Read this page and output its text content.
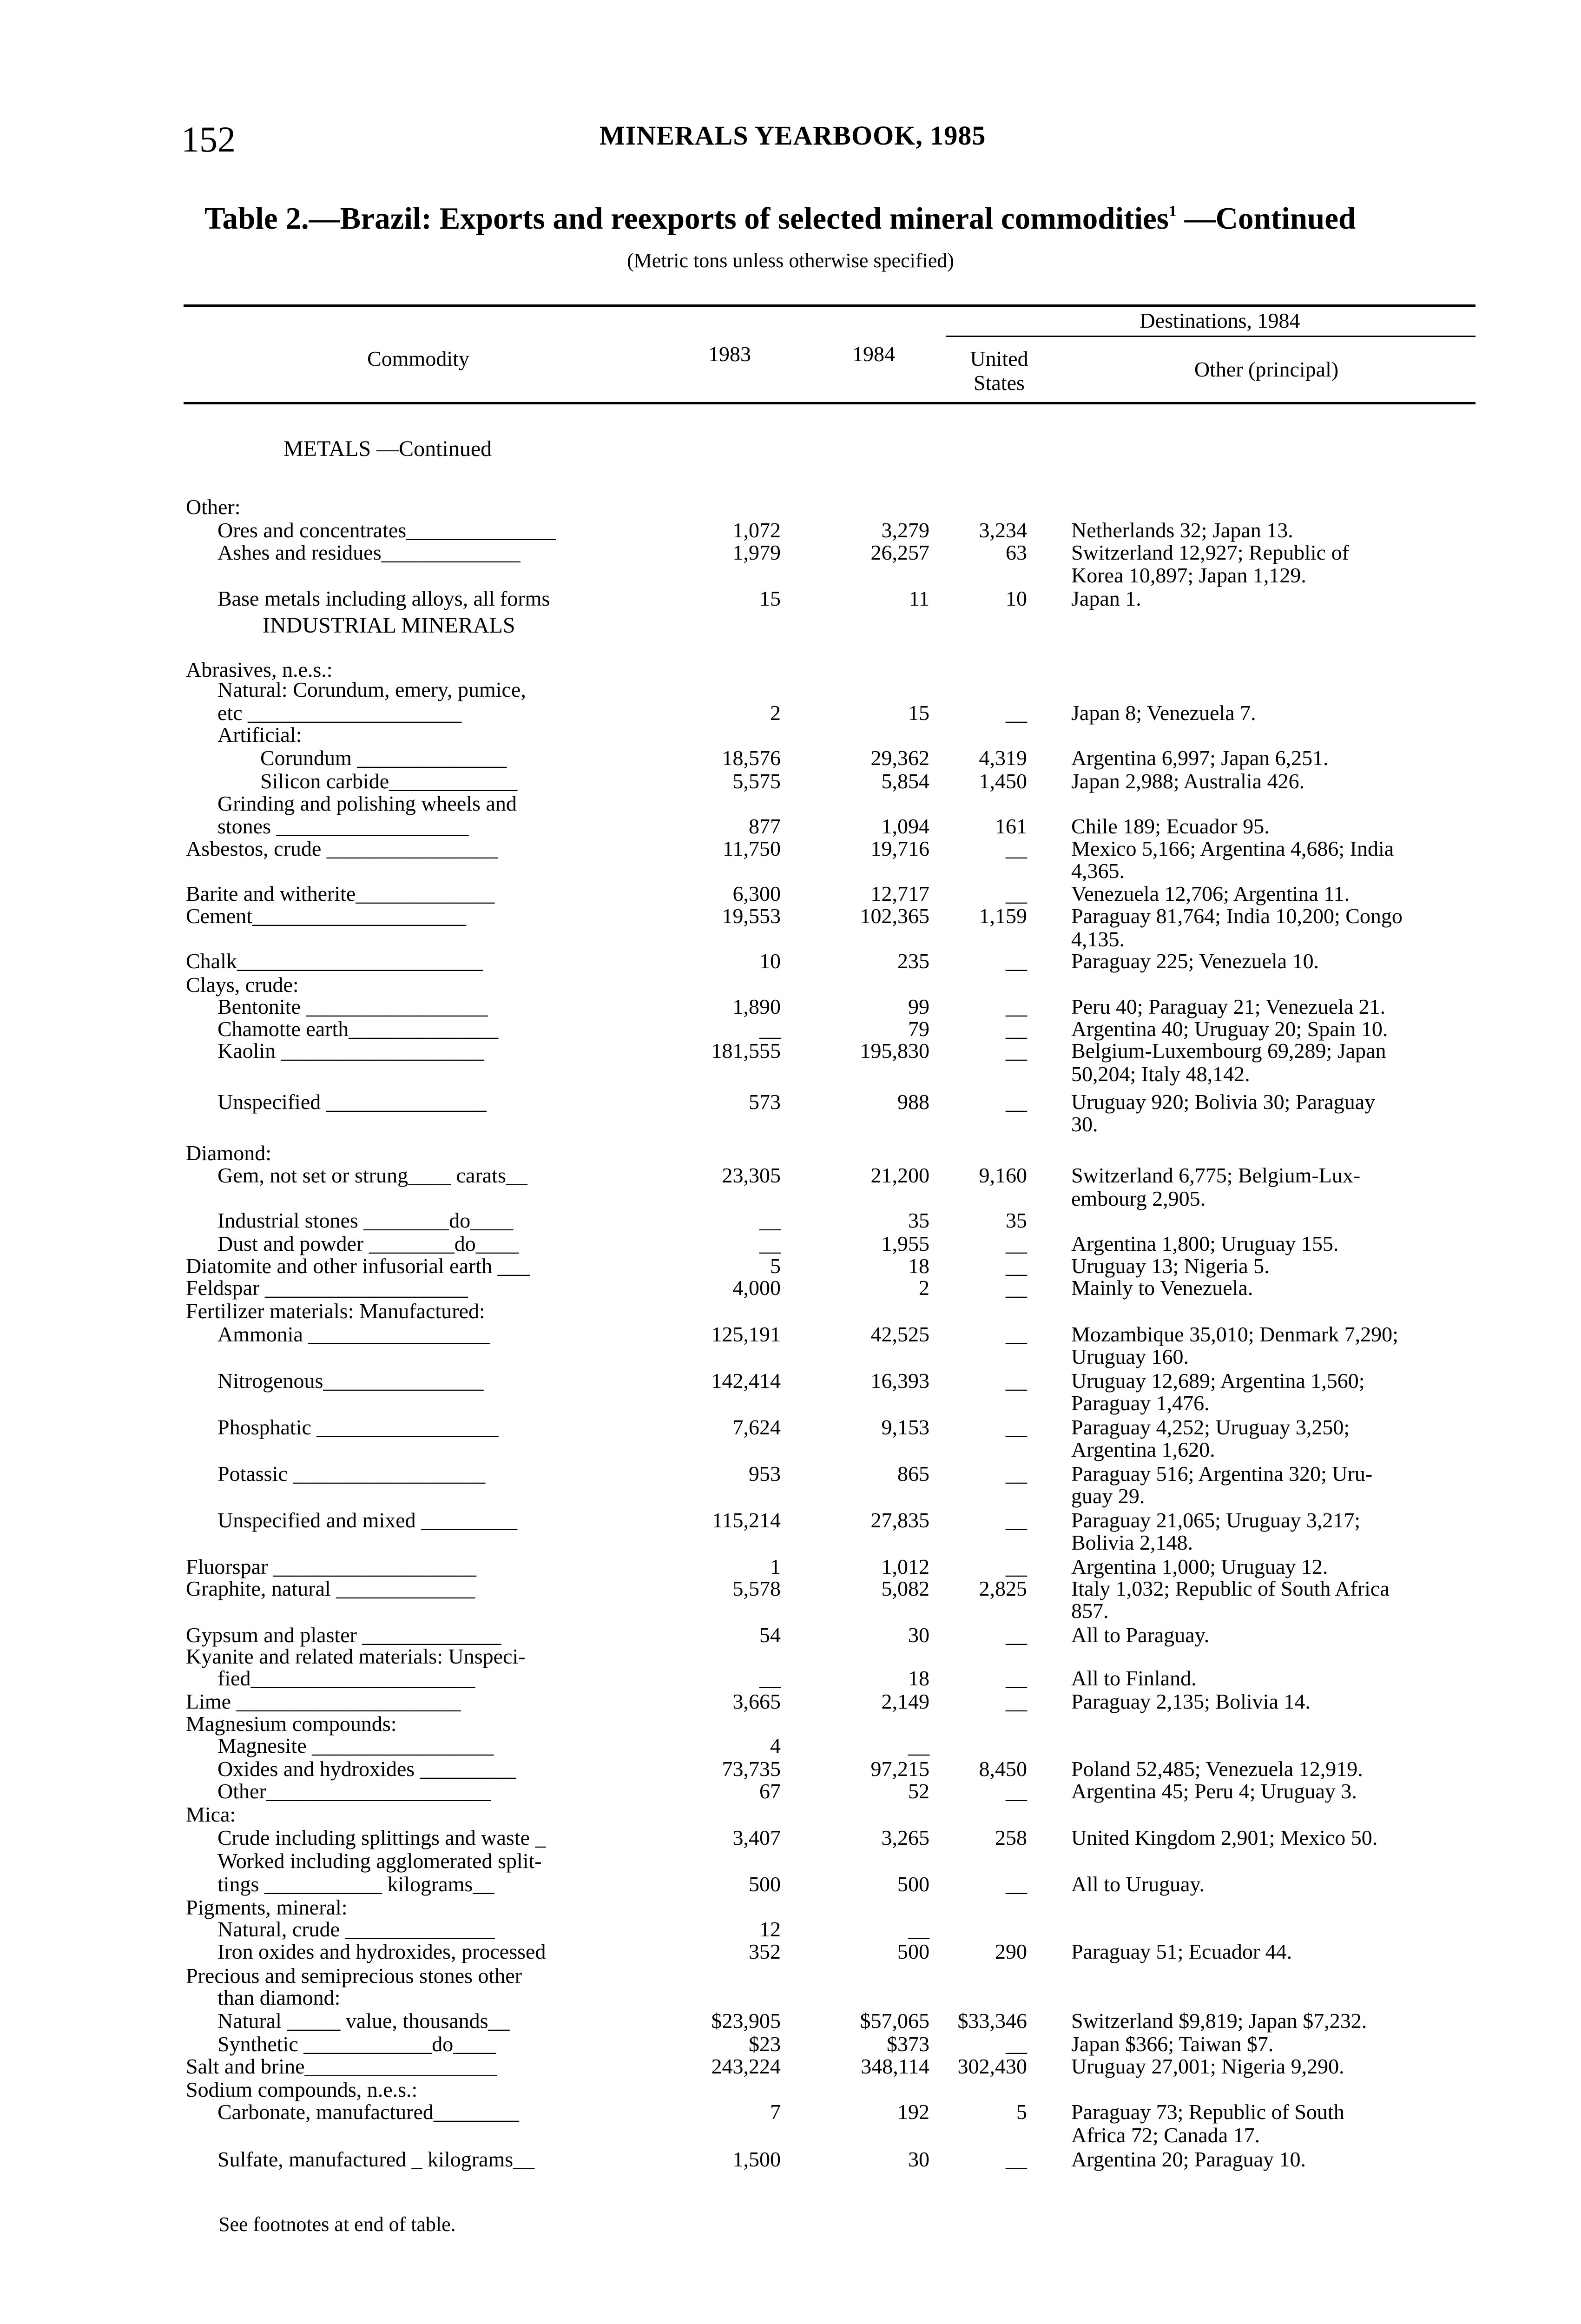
152	MINERALS YEARBOOK, 1985
Table 2.—Brazil: Exports and reexports of selected mineral commodities$^1$ —Continued
(Metric tons unless otherwise specified)
Commodity	1983	1984
Destinations, 1984
United
States
Other (principal)
METALS —Continued
INDUSTRIAL MINERALS
Other:
Ores and concentrates______________	1,072	3,279	3,234 Netherlands 32; Japan 13.
Ashes and residues_____________	1,979	26,257	63 Switzerland 12,927; Republic of
Korea 10,897; Japan 1,129.
Base metals including alloys, all forms	15	11	10 Japan 1.
Abrasives, n.e.s.:
Natural: Corundum, emery, pumice,
etc ____________________	2	15	__ Japan 8; Venezuela 7.
Artificial:
Corundum ______________	18,576	29,362	4,319 Argentina 6,997; Japan 6,251.
Silicon carbide____________	5,575	5,854	1,450 Japan 2,988; Australia 426.
Grinding and polishing wheels and
stones __________________	877	1,094	161 Chile 189; Ecuador 95.
Asbestos, crude ________________	11,750	19,716	__ Mexico 5,166; Argentina 4,686; India
4,365.
Barite and witherite_____________	6,300	12,717	__ Venezuela 12,706; Argentina 11.
Cement____________________	19,553	102,365	1,159 Paraguay 81,764; India 10,200; Congo
4,135.
Chalk_______________________	10	235	__ Paraguay 225; Venezuela 10.
Clays, crude:
Bentonite _________________	1,890	99	__ Peru 40; Paraguay 21; Venezuela 21.
Chamotte earth______________	__	79	__ Argentina 40; Uruguay 20; Spain 10.
Kaolin ___________________	181,555	195,830	__ Belgium-Luxembourg 69,289; Japan
50,204; Italy 48,142.
Unspecified _______________	573	988	__ Uruguay 920; Bolivia 30; Paraguay
30.
Diamond:
Gem, not set or strung____ carats__	23,305	21,200	9,160 Switzerland 6,775; Belgium-Lux-
embourg 2,905.
Industrial stones ________do____	__	35	35
Dust and powder ________do____	__	1,955	__ Argentina 1,800; Uruguay 155.
Diatomite and other infusorial earth ___	5	18	__ Uruguay 13; Nigeria 5.
Feldspar ___________________	4,000	2	__ Mainly to Venezuela.
Fertilizer materials: Manufactured:
Ammonia _________________	125,191	42,525	__ Mozambique 35,010; Denmark 7,290;
Uruguay 160.
Nitrogenous_______________	142,414	16,393	__ Uruguay 12,689; Argentina 1,560;
Paraguay 1,476.
Phosphatic _________________	7,624	9,153	__ Paraguay 4,252; Uruguay 3,250;
Argentina 1,620.
Potassic __________________	953	865	__ Paraguay 516; Argentina 320; Uru-
guay 29.
Unspecified and mixed _________	115,214	27,835	__ Paraguay 21,065; Uruguay 3,217;
Bolivia 2,148.
Fluorspar ___________________	1	1,012	__ Argentina 1,000; Uruguay 12.
Graphite, natural _____________	5,578	5,082	2,825 Italy 1,032; Republic of South Africa
857.
Gypsum and plaster _____________	54	30	__ All to Paraguay.
Kyanite and related materials: Unspeci-
fied_____________________	__	18	__ All to Finland.
Lime _____________________	3,665	2,149	__ Paraguay 2,135; Bolivia 14.
Magnesium compounds:
Magnesite _________________	4	__
Oxides and hydroxides _________	73,735	97,215	8,450 Poland 52,485; Venezuela 12,919.
Other_____________________	67	52	__ Argentina 45; Peru 4; Uruguay 3.
Mica:
Crude including splittings and waste _	3,407	3,265	258 United Kingdom 2,901; Mexico 50.
Worked including agglomerated split-
tings ___________ kilograms__	500	500	__ All to Uruguay.
Pigments, mineral:
Natural, crude ______________	12	__
Iron oxides and hydroxides, processed	352	500	290 Paraguay 51; Ecuador 44.
Precious and semiprecious stones other
than diamond:
Natural _____ value, thousands__	$23,905	$57,065	$33,346 Switzerland $9,819; Japan $7,232.
Synthetic ____________do____	$23	$373	__ Japan $366; Taiwan $7.
Salt and brine__________________	243,224	348,114	302,430 Uruguay 27,001; Nigeria 9,290.
Sodium compounds, n.e.s.:
Carbonate, manufactured________	7	192	5 Paraguay 73; Republic of South
Africa 72; Canada 17.
Sulfate, manufactured _ kilograms__	1,500	30	__ Argentina 20; Paraguay 10.
See footnotes at end of table.
